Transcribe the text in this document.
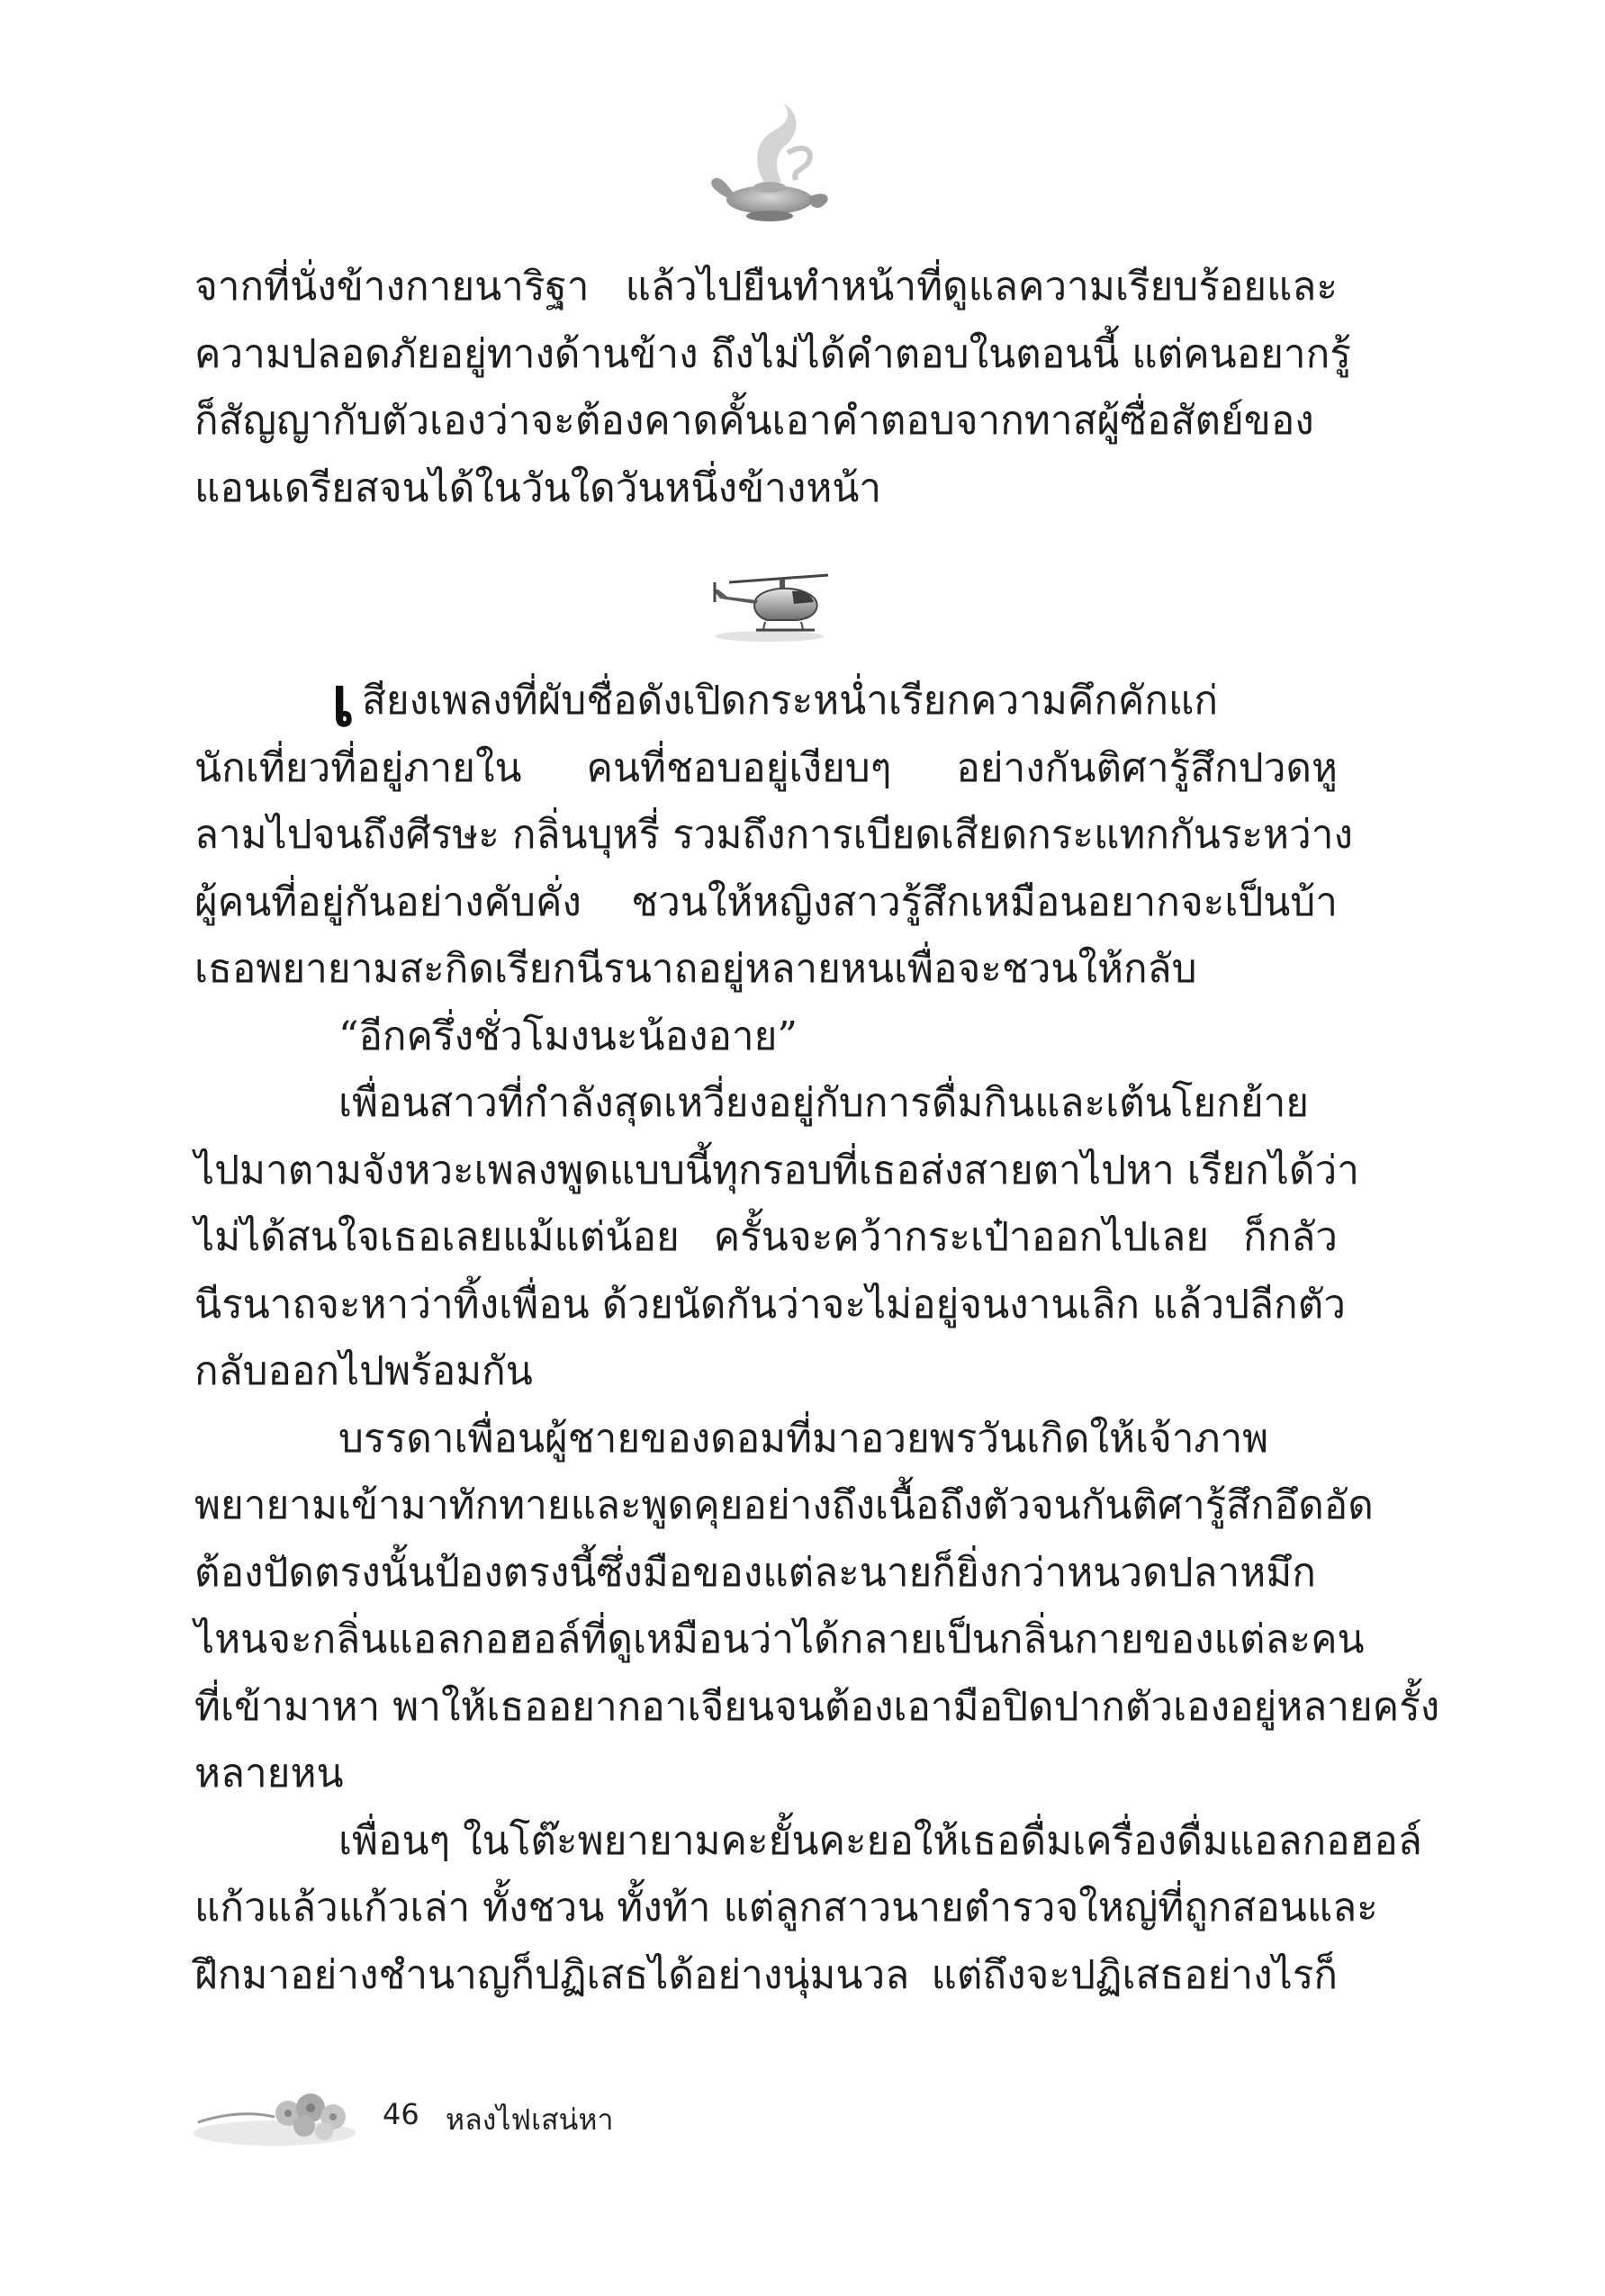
จากที่นั่งข้างกายนาริฐา แล้วไปยืนทำหน้าที่ดูแลความเรียบร้อยและ
ความปลอดภัยอยู่ทางด้านข้าง ถึงไม่ได้คำตอบในตอนนี้ แต่คนอยากรู้
ก็สัญญากับตัวเองว่าจะต้องคาดคั้นเอาคำตอบจากทาสผู้ซื่อสัตย์ของ
แอนเดรียสจนได้ในวันใดวันหนึ่งข้างหน้า
เ สียงเพลงที่ผับชื่อดังเปิดกระหน่ำเรียกความคึกคักแก่
นักเที่ยวที่อยู่ภายใน คนที่ชอบอยู่เงียบๆ อย่างกันติศารู้สึกปวดหู
ลามไปจนถึงศีรษะ กลิ่นบุหรี่ รวมถึงการเบียดเสียดกระแทกกันระหว่าง
ผู้คนที่อยู่กันอย่างคับคั่ง ชวนให้หญิงสาวรู้สึกเหมือนอยากจะเป็นบ้า
เธอพยายามสะกิดเรียกนีรนาถอยู่หลายหนเพื่อจะชวนให้กลับ
“อีกครึ่งชั่วโมงนะน้องอาย”
เพื่อนสาวที่กำลังสุดเหวี่ยงอยู่กับการดื่มกินและเต้นโยกย้าย
ไปมาตามจังหวะเพลงพูดแบบนี้ทุกรอบที่เธอส่งสายตาไปหา เรียกได้ว่า
ไม่ได้สนใจเธอเลยแม้แต่น้อย ครั้นจะคว้ากระเป๋าออกไปเลย ก็กลัว
นีรนาถจะหาว่าทิ้งเพื่อน ด้วยนัดกันว่าจะไม่อยู่จนงานเลิก แล้วปลีกตัว
กลับออกไปพร้อมกัน
บรรดาเพื่อนผู้ชายของดอมที่มาอวยพรวันเกิดให้เจ้าภาพ
พยายามเข้ามาทักทายและพูดคุยอย่างถึงเนื้อถึงตัวจนกันติศารู้สึกอึดอัด
ต้องปัดตรงนั้นป้องตรงนี้ซึ่งมือของแต่ละนายก็ยิ่งกว่าหนวดปลาหมึก
ไหนจะกลิ่นแอลกอฮอล์ที่ดูเหมือนว่าได้กลายเป็นกลิ่นกายของแต่ละคน
ที่เข้ามาหา พาให้เธออยากอาเจียนจนต้องเอามือปิดปากตัวเองอยู่หลายครั้ง
หลายหน
เพื่อนๆ ในโต๊ะพยายามคะยั้นคะยอให้เธอดื่มเครื่องดื่มแอลกอฮอล์
แก้วแล้วแก้วเล่า ทั้งชวน ทั้งท้า แต่ลูกสาวนายตำรวจใหญ่ที่ถูกสอนและ
ฝึกมาอย่างชำนาญก็ปฏิเสธได้อย่างนุ่มนวล แต่ถึงจะปฏิเสธอย่างไรก็
46 หลงไฟเสน่หา
